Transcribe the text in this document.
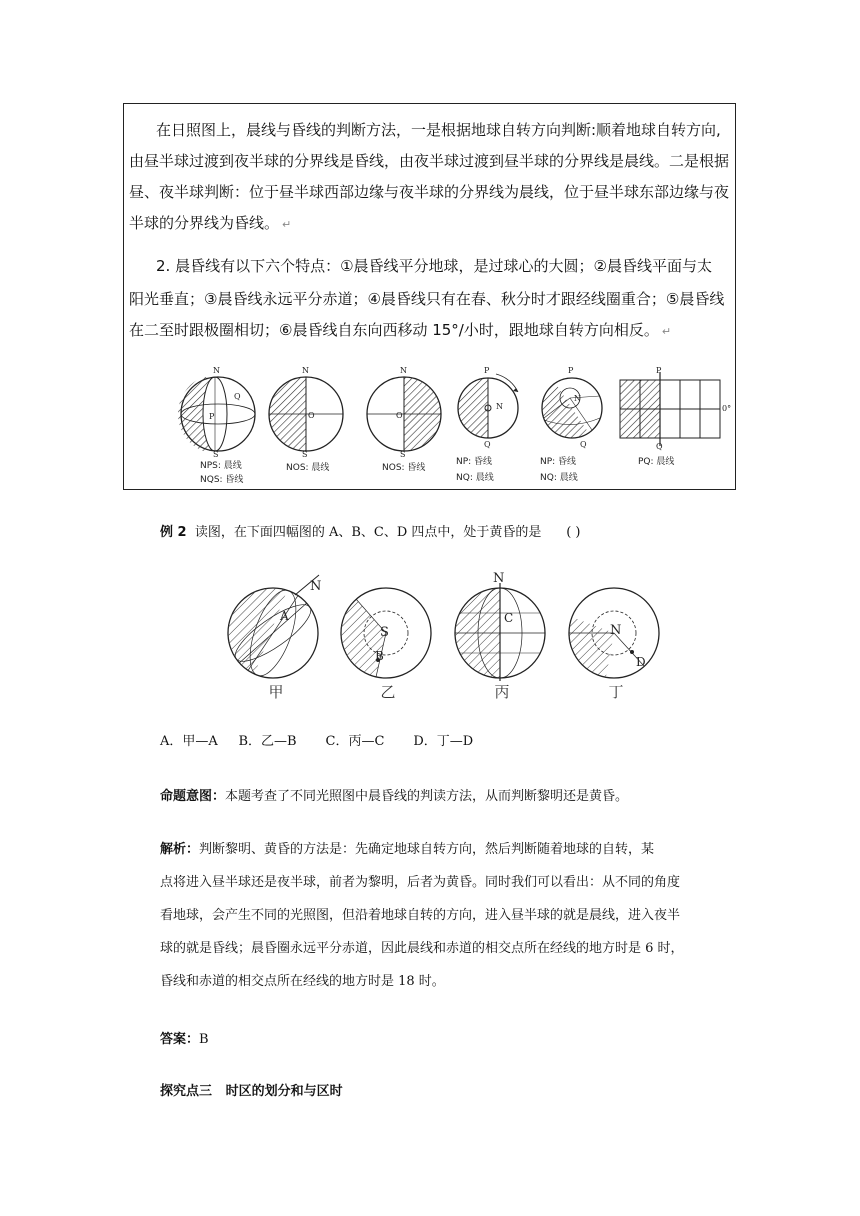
在日照图上，晨线与昏线的判断方法，一是根据地球自转方向判断:顺着地球自转方向,

由昼半球过渡到夜半球的分界线是昏线，由夜半球过渡到昼半球的分界线是晨线。二是根据

昼、夜半球判断：位于昼半球西部边缘与夜半球的分界线为晨线，位于昼半球东部边缘与夜

半球的分界线为昏线。 ↵

2. 晨昏线有以下六个特点：①晨昏线平分地球，是过球心的大圆；②晨昏线平面与太

阳光垂直；③晨昏线永远平分赤道；④晨昏线只有在春、秋分时才跟经线圈重合；⑤晨昏线

在二至时跟极圈相切；⑥晨昏线自东向西移动 15°/小时，跟地球自转方向相反。 ↵

N
S
Q
P
NPS: 晨线
NQS: 昏线
N
S
O
NOS: 晨线
N
S
O
NOS: 昏线
P
Q
N
NP: 昏线
NQ: 晨线
P
Q
N
NP: 昏线
NQ: 晨线
P
Q
0°
PQ: 晨线

例 2 读图，在下面四幅图的 A、B、C、D 四点中，处于黄昏的是 ( )

N
A
甲
S
B
乙
N
C
丙
N
D
丁

A．甲—A B．乙—B C．丙—C D．丁—D

命题意图：本题考查了不同光照图中晨昏线的判读方法，从而判断黎明还是黄昏。

解析：判断黎明、黄昏的方法是：先确定地球自转方向，然后判断随着地球的自转，某

点将进入昼半球还是夜半球，前者为黎明，后者为黄昏。同时我们可以看出：从不同的角度

看地球，会产生不同的光照图，但沿着地球自转的方向，进入昼半球的就是晨线，进入夜半

球的就是昏线；晨昏圈永远平分赤道，因此晨线和赤道的相交点所在经线的地方时是 6 时，

昏线和赤道的相交点所在经线的地方时是 18 时。

答案：B

探究点三 时区的划分和与区时
